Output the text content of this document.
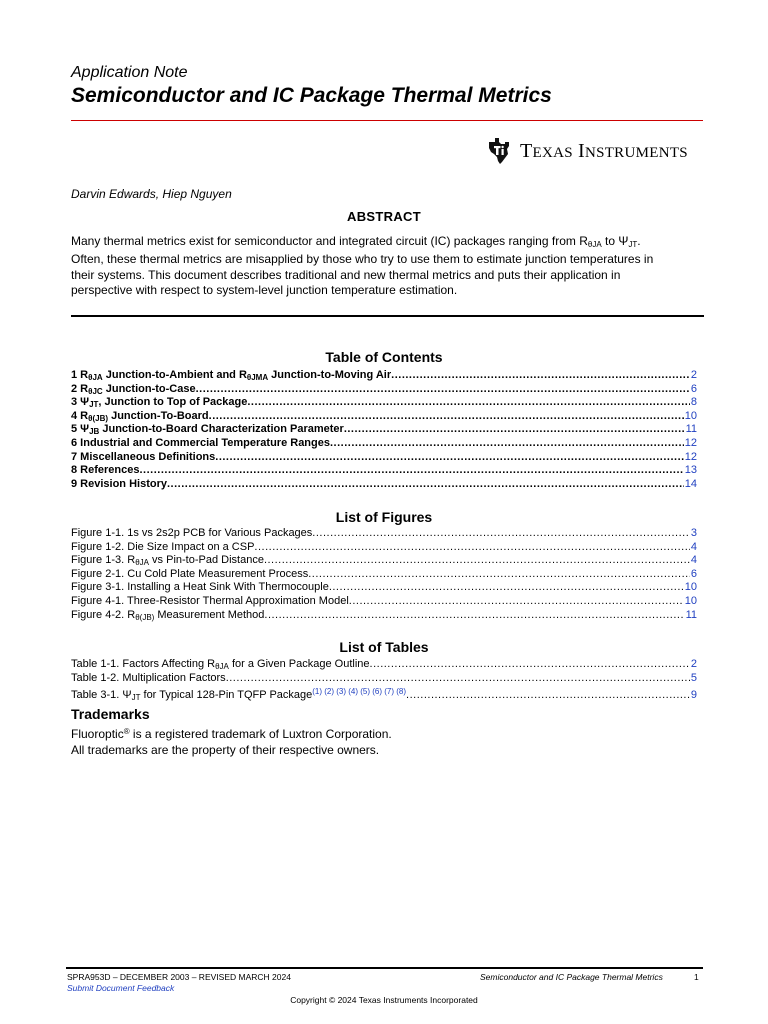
Application Note
Semiconductor and IC Package Thermal Metrics
TEXAS INSTRUMENTS
Darvin Edwards, Hiep Nguyen
ABSTRACT
Many thermal metrics exist for semiconductor and integrated circuit (IC) packages ranging from $R_{\theta JA}$ to $\Psi_{JT}$. Often, these thermal metrics are misapplied by those who try to use them to estimate junction temperatures in their systems. This document describes traditional and new thermal metrics and puts their application in perspective with respect to system-level junction temperature estimation.
Table of Contents
1 $R_{\theta JA}$ Junction-to-Ambient and $R_{\theta JMA}$ Junction-to-Moving Air .....	2
2 $R_{\theta JC}$ Junction-to-Case .....	6
3 $\Psi_{JT}$, Junction to Top of Package .....	8
4 $R_{\theta(JB)}$ Junction-To-Board .....	10
5 $\Psi_{JB}$ Junction-to-Board Characterization Parameter .....	11
6 Industrial and Commercial Temperature Ranges .....	12
7 Miscellaneous Definitions .....	12
8 References .....	13
9 Revision History .....	14
List of Figures
Figure 1-1. 1s vs 2s2p PCB for Various Packages .....	3
Figure 1-2. Die Size Impact on a CSP .....	4
Figure 1-3. $R_{\theta JA}$ vs Pin-to-Pad Distance .....	4
Figure 2-1. Cu Cold Plate Measurement Process .....	6
Figure 3-1. Installing a Heat Sink With Thermocouple .....	10
Figure 4-1. Three-Resistor Thermal Approximation Model .....	10
Figure 4-2. $R_{\theta(JB)}$ Measurement Method .....	11
List of Tables
Table 1-1. Factors Affecting $R_{\theta JA}$ for a Given Package Outline .....	2
Table 1-2. Multiplication Factors .....	5
Table 3-1. $\Psi_{JT}$ for Typical 128-Pin TQFP Package$^{(1) (2) (3) (4) (5) (6) (7) (8)}$ .....	9
Trademarks
Fluoroptic® is a registered trademark of Luxtron Corporation.
All trademarks are the property of their respective owners.
SPRA953D – DECEMBER 2003 – REVISED MARCH 2024
Submit Document Feedback
Semiconductor and IC Package Thermal Metrics	1
Copyright © 2024 Texas Instruments Incorporated
